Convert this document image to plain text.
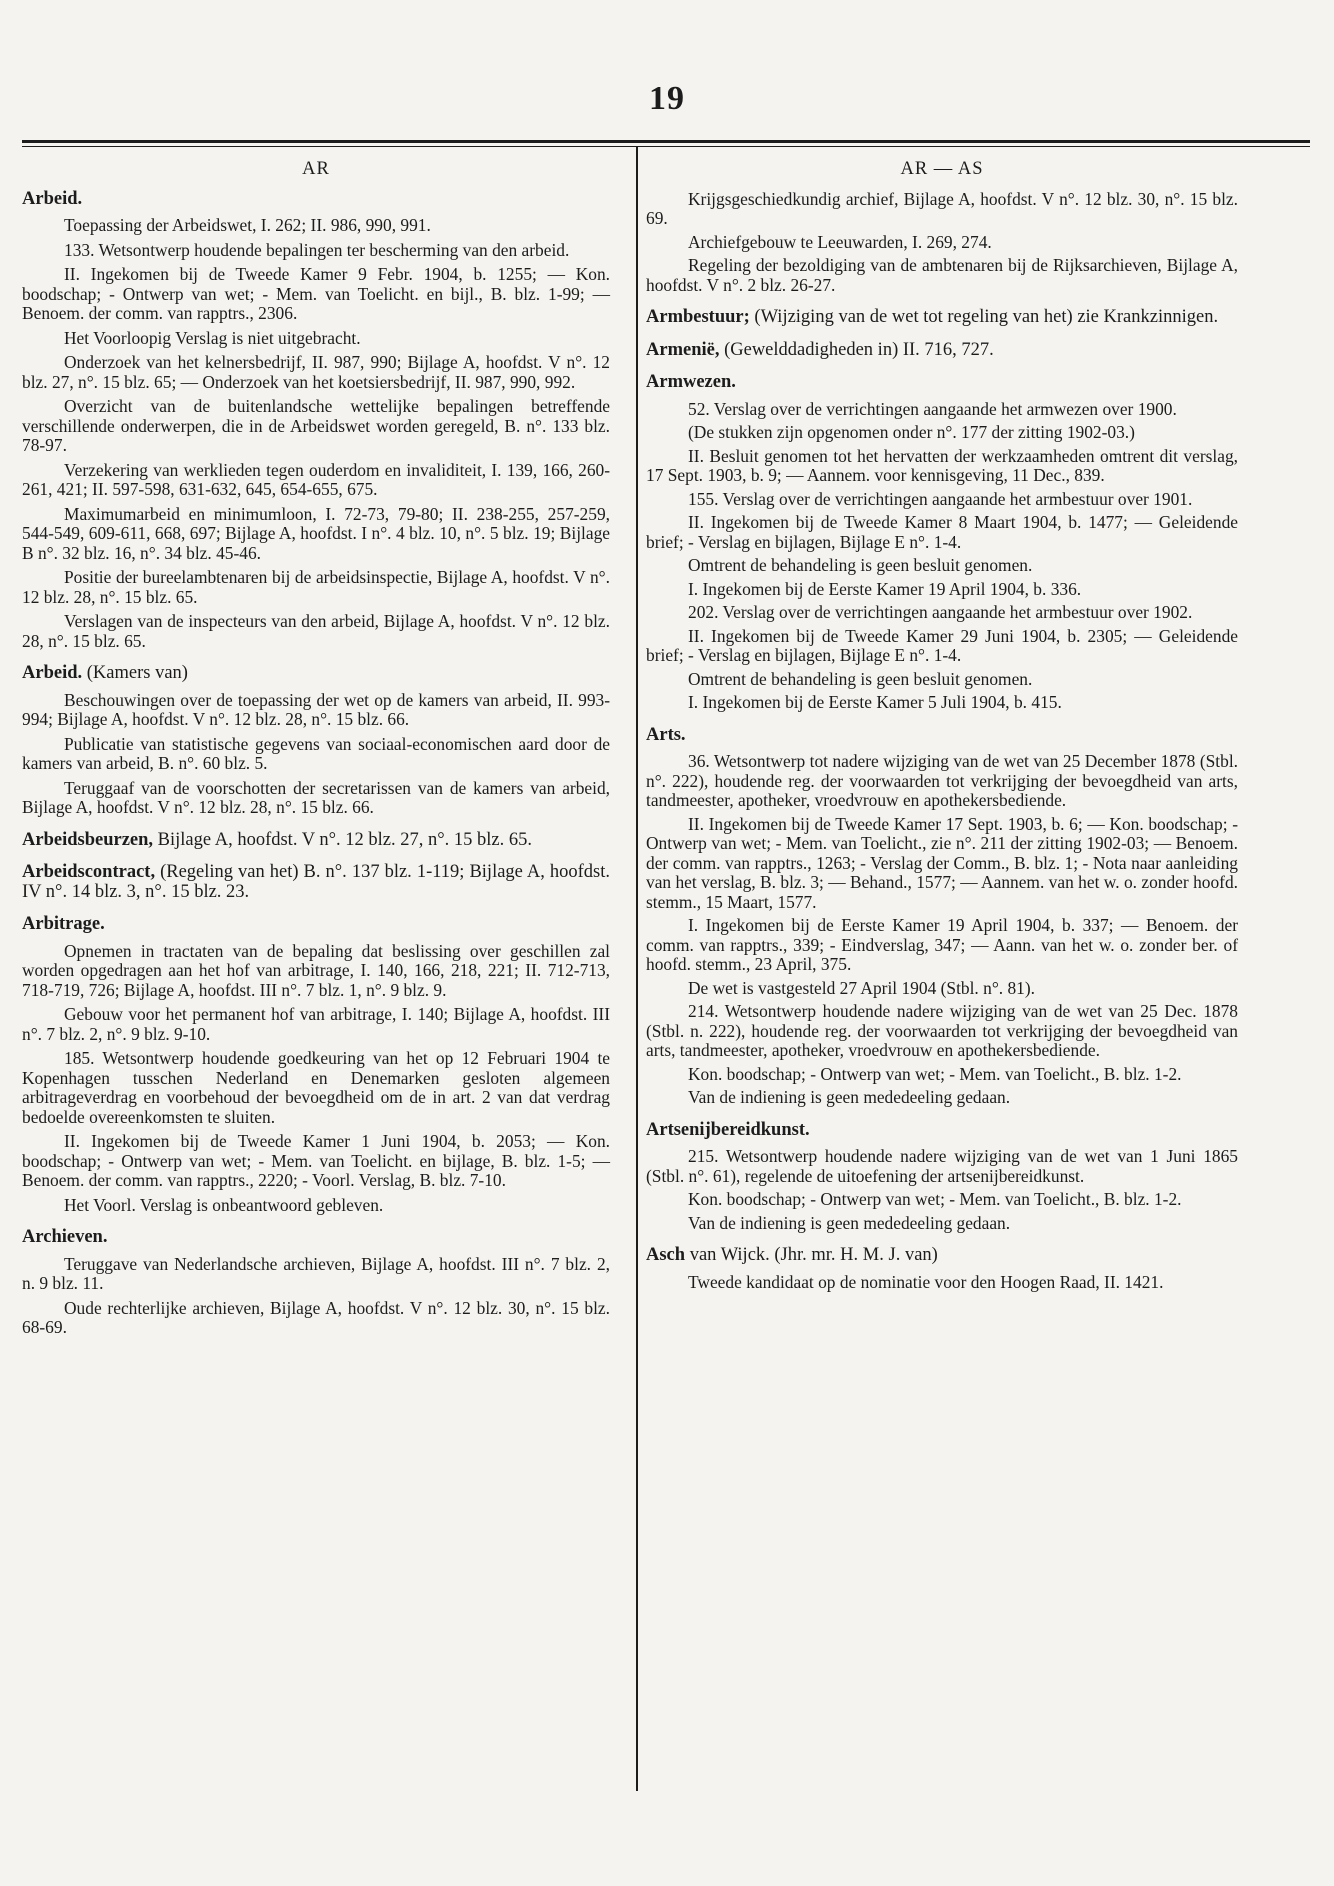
19
AR
Arbeid.
Toepassing der Arbeidswet, I. 262; II. 986, 990, 991.
133. Wetsontwerp houdende bepalingen ter bescherming van den arbeid.
II. Ingekomen bij de Tweede Kamer 9 Febr. 1904, b. 1255; — Kon. boodschap; - Ontwerp van wet; - Mem. van Toelicht. en bijl., B. blz. 1-99; — Benoem. der comm. van rapptrs., 2306.
Het Voorloopig Verslag is niet uitgebracht.
Onderzoek van het kelnersbedrijf, II. 987, 990; Bijlage A, hoofdst. V n°. 12 blz. 27, n°. 15 blz. 65; — Onderzoek van het koetsiersbedrijf, II. 987, 990, 992.
Overzicht van de buitenlandsche wettelijke bepalingen betreffende verschillende onderwerpen, die in de Arbeidswet worden geregeld, B. n°. 133 blz. 78-97.
Verzekering van werklieden tegen ouderdom en invaliditeit, I. 139, 166, 260-261, 421; II. 597-598, 631-632, 645, 654-655, 675.
Maximumarbeid en minimumloon, I. 72-73, 79-80; II. 238-255, 257-259, 544-549, 609-611, 668, 697; Bijlage A, hoofdst. I n°. 4 blz. 10, n°. 5 blz. 19; Bijlage B n°. 32 blz. 16, n°. 34 blz. 45-46.
Positie der bureelambtenaren bij de arbeidsinspectie, Bijlage A, hoofdst. V n°. 12 blz. 28, n°. 15 blz. 65.
Verslagen van de inspecteurs van den arbeid, Bijlage A, hoofdst. V n°. 12 blz. 28, n°. 15 blz. 65.
Arbeid. (Kamers van)
Beschouwingen over de toepassing der wet op de kamers van arbeid, II. 993-994; Bijlage A, hoofdst. V n°. 12 blz. 28, n°. 15 blz. 66.
Publicatie van statistische gegevens van sociaal-economischen aard door de kamers van arbeid, B. n°. 60 blz. 5.
Teruggaaf van de voorschotten der secretarissen van de kamers van arbeid, Bijlage A, hoofdst. V n°. 12 blz. 28, n°. 15 blz. 66.
Arbeidsbeurzen, Bijlage A, hoofdst. V n°. 12 blz. 27, n°. 15 blz. 65.
Arbeidscontract, (Regeling van het) B. n°. 137 blz. 1-119; Bijlage A, hoofdst. IV n°. 14 blz. 3, n°. 15 blz. 23.
Arbitrage.
Opnemen in tractaten van de bepaling dat beslissing over geschillen zal worden opgedragen aan het hof van arbitrage, I. 140, 166, 218, 221; II. 712-713, 718-719, 726; Bijlage A, hoofdst. III n°. 7 blz. 1, n°. 9 blz. 9.
Gebouw voor het permanent hof van arbitrage, I. 140; Bijlage A, hoofdst. III n°. 7 blz. 2, n°. 9 blz. 9-10.
185. Wetsontwerp houdende goedkeuring van het op 12 Februari 1904 te Kopenhagen tusschen Nederland en Denemarken gesloten algemeen arbitrageverdrag en voorbehoud der bevoegdheid om de in art. 2 van dat verdrag bedoelde overeenkomsten te sluiten.
II. Ingekomen bij de Tweede Kamer 1 Juni 1904, b. 2053; — Kon. boodschap; - Ontwerp van wet; - Mem. van Toelicht. en bijlage, B. blz. 1-5; — Benoem. der comm. van rapptrs., 2220; - Voorl. Verslag, B. blz. 7-10.
Het Voorl. Verslag is onbeantwoord gebleven.
Archieven.
Teruggave van Nederlandsche archieven, Bijlage A, hoofdst. III n°. 7 blz. 2, n. 9 blz. 11.
Oude rechterlijke archieven, Bijlage A, hoofdst. V n°. 12 blz. 30, n°. 15 blz. 68-69.
AR — AS
Krijgsgeschiedkundig archief, Bijlage A, hoofdst. V n°. 12 blz. 30, n°. 15 blz. 69.
Archiefgebouw te Leeuwarden, I. 269, 274.
Regeling der bezoldiging van de ambtenaren bij de Rijksarchieven, Bijlage A, hoofdst. V n°. 2 blz. 26-27.
Armbestuur; (Wijziging van de wet tot regeling van het) zie Krankzinnigen.
Armenië, (Gewelddadigheden in) II. 716, 727.
Armwezen.
52. Verslag over de verrichtingen aangaande het armwezen over 1900.
(De stukken zijn opgenomen onder n°. 177 der zitting 1902-03.)
II. Besluit genomen tot het hervatten der werkzaamheden omtrent dit verslag, 17 Sept. 1903, b. 9; — Aannem. voor kennisgeving, 11 Dec., 839.
155. Verslag over de verrichtingen aangaande het armbestuur over 1901.
II. Ingekomen bij de Tweede Kamer 8 Maart 1904, b. 1477; — Geleidende brief; - Verslag en bijlagen, Bijlage E n°. 1-4.
Omtrent de behandeling is geen besluit genomen.
I. Ingekomen bij de Eerste Kamer 19 April 1904, b. 336.
202. Verslag over de verrichtingen aangaande het armbestuur over 1902.
II. Ingekomen bij de Tweede Kamer 29 Juni 1904, b. 2305; — Geleidende brief; - Verslag en bijlagen, Bijlage E n°. 1-4.
Omtrent de behandeling is geen besluit genomen.
I. Ingekomen bij de Eerste Kamer 5 Juli 1904, b. 415.
Arts.
36. Wetsontwerp tot nadere wijziging van de wet van 25 December 1878 (Stbl. n°. 222), houdende reg. der voorwaarden tot verkrijging der bevoegdheid van arts, tandmeester, apotheker, vroedvrouw en apothekersbediende.
II. Ingekomen bij de Tweede Kamer 17 Sept. 1903, b. 6; — Kon. boodschap; - Ontwerp van wet; - Mem. van Toelicht., zie n°. 211 der zitting 1902-03; — Benoem. der comm. van rapptrs., 1263; - Verslag der Comm., B. blz. 1; - Nota naar aanleiding van het verslag, B. blz. 3; — Behand., 1577; — Aannem. van het w. o. zonder hoofd. stemm., 15 Maart, 1577.
I. Ingekomen bij de Eerste Kamer 19 April 1904, b. 337; — Benoem. der comm. van rapptrs., 339; - Eindverslag, 347; — Aann. van het w. o. zonder ber. of hoofd. stemm., 23 April, 375.
De wet is vastgesteld 27 April 1904 (Stbl. n°. 81).
214. Wetsontwerp houdende nadere wijziging van de wet van 25 Dec. 1878 (Stbl. n. 222), houdende reg. der voorwaarden tot verkrijging der bevoegdheid van arts, tandmeester, apotheker, vroedvrouw en apothekersbediende.
Kon. boodschap; - Ontwerp van wet; - Mem. van Toelicht., B. blz. 1-2.
Van de indiening is geen mededeeling gedaan.
Artsenijbereidkunst.
215. Wetsontwerp houdende nadere wijziging van de wet van 1 Juni 1865 (Stbl. n°. 61), regelende de uitoefening der artsenijbereidkunst.
Kon. boodschap; - Ontwerp van wet; - Mem. van Toelicht., B. blz. 1-2.
Van de indiening is geen mededeeling gedaan.
Asch van Wijck. (Jhr. mr. H. M. J. van)
Tweede kandidaat op de nominatie voor den Hoogen Raad, II. 1421.
